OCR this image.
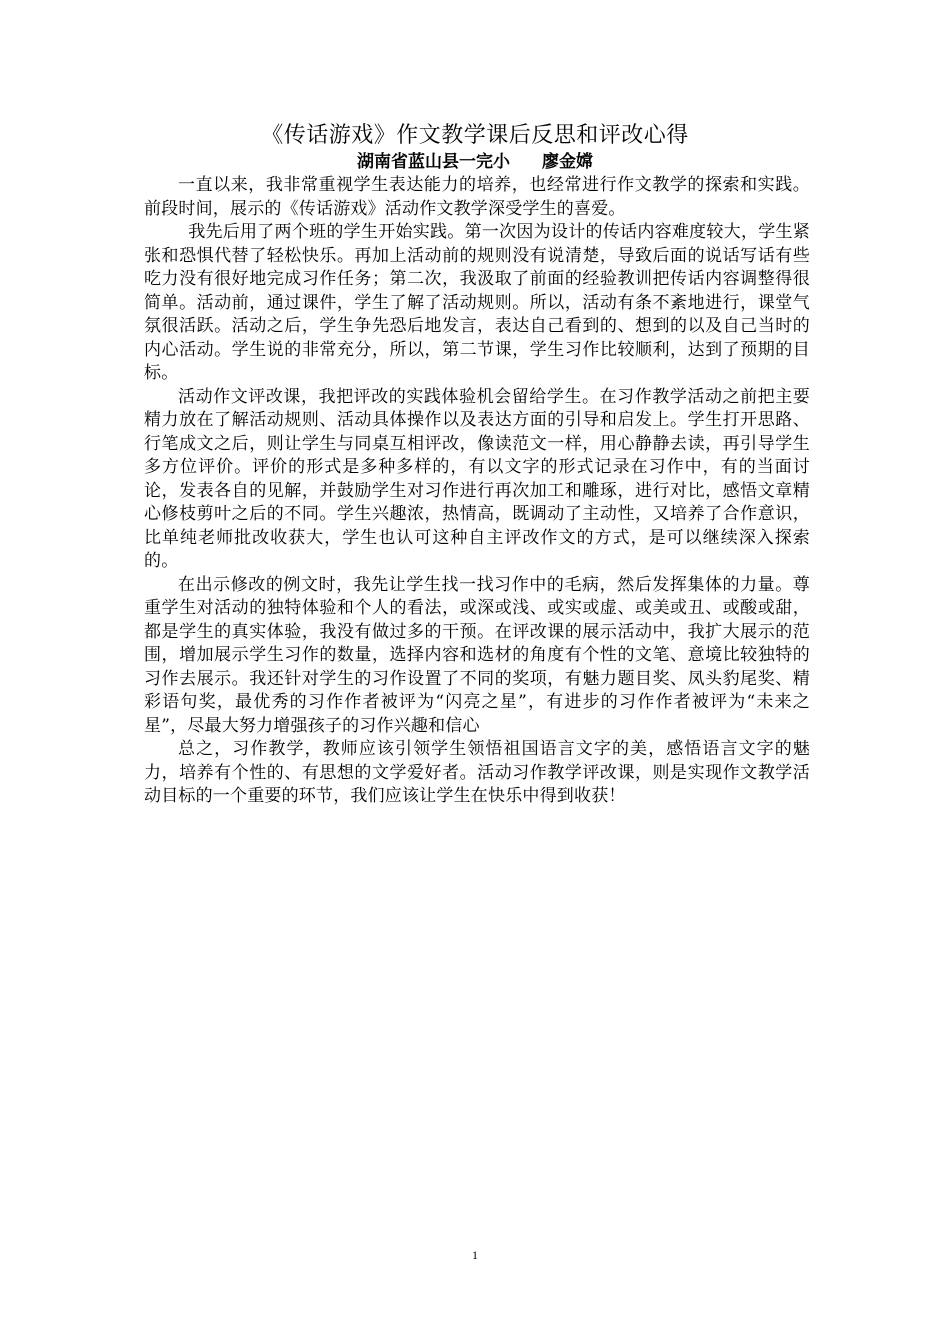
《传话游戏》作文教学课后反思和评改心得
湖南省蓝山县一完小 廖金嫦

一直以来，我非常重视学生表达能力的培养，也经常进行作文教学的探索和实践。前段时间，展示的《传话游戏》活动作文教学深受学生的喜爱。

我先后用了两个班的学生开始实践。第一次因为设计的传话内容难度较大，学生紧张和恐惧代替了轻松快乐。再加上活动前的规则没有说清楚，导致后面的说话写话有些吃力没有很好地完成习作任务；第二次，我汲取了前面的经验教训把传话内容调整得很简单。活动前，通过课件，学生了解了活动规则。所以，活动有条不紊地进行，课堂气氛很活跃。活动之后，学生争先恐后地发言，表达自己看到的、想到的以及自己当时的内心活动。学生说的非常充分，所以，第二节课，学生习作比较顺利，达到了预期的目标。

活动作文评改课，我把评改的实践体验机会留给学生。在习作教学活动之前把主要精力放在了解活动规则、活动具体操作以及表达方面的引导和启发上。学生打开思路、行笔成文之后，则让学生与同桌互相评改，像读范文一样，用心静静去读，再引导学生多方位评价。评价的形式是多种多样的，有以文字的形式记录在习作中，有的当面讨论，发表各自的见解，并鼓励学生对习作进行再次加工和雕琢，进行对比，感悟文章精心修枝剪叶之后的不同。学生兴趣浓，热情高，既调动了主动性，又培养了合作意识，比单纯老师批改收获大，学生也认可这种自主评改作文的方式，是可以继续深入探索的。

在出示修改的例文时，我先让学生找一找习作中的毛病，然后发挥集体的力量。尊重学生对活动的独特体验和个人的看法，或深或浅、或实或虚、或美或丑、或酸或甜，都是学生的真实体验，我没有做过多的干预。在评改课的展示活动中，我扩大展示的范围，增加展示学生习作的数量，选择内容和选材的角度有个性的文笔、意境比较独特的习作去展示。我还针对学生的习作设置了不同的奖项，有魅力题目奖、凤头豹尾奖、精彩语句奖，最优秀的习作作者被评为“闪亮之星”，有进步的习作作者被评为“未来之星”，尽最大努力增强孩子的习作兴趣和信心

总之，习作教学，教师应该引领学生领悟祖国语言文字的美，感悟语言文字的魅力，培养有个性的、有思想的文学爱好者。活动习作教学评改课，则是实现作文教学活动目标的一个重要的环节，我们应该让学生在快乐中得到收获！

1
